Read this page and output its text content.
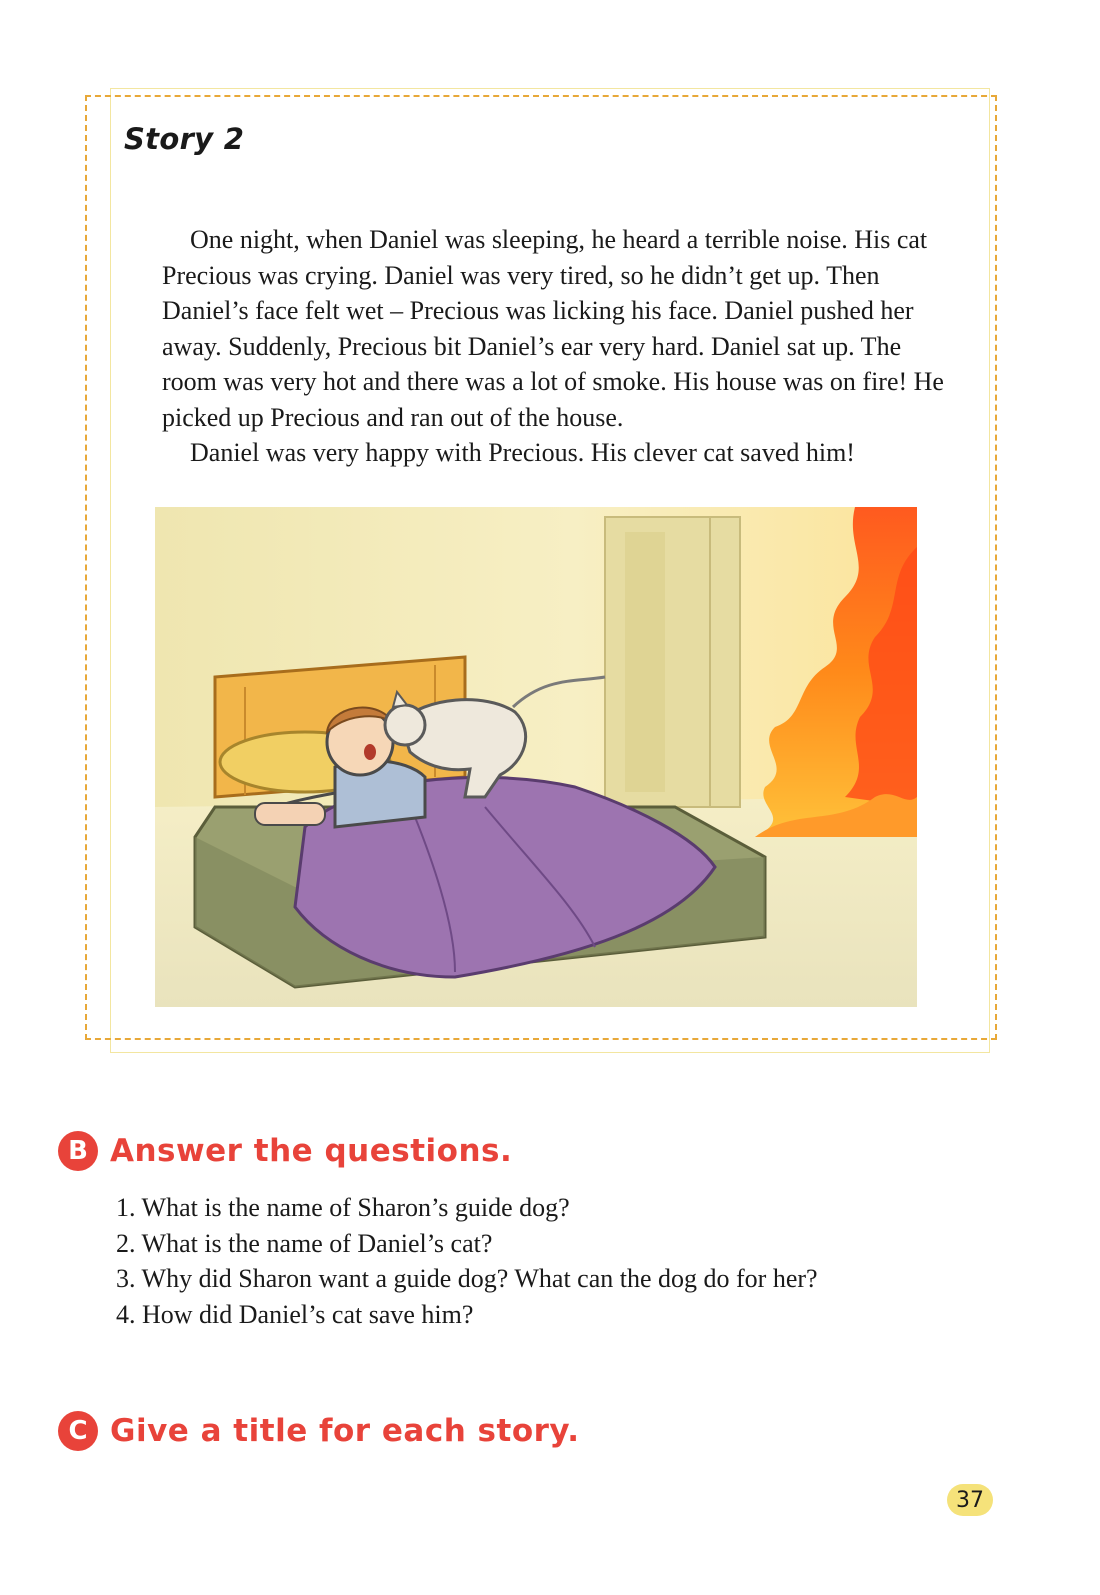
Story 2

One night, when Daniel was sleeping, he heard a terrible noise. His cat Precious was crying. Daniel was very tired, so he didn’t get up. Then Daniel’s face felt wet – Precious was licking his face. Daniel pushed her away. Suddenly, Precious bit Daniel’s ear very hard. Daniel sat up. The room was very hot and there was a lot of smoke. His house was on fire! He picked up Precious and ran out of the house.

Daniel was very happy with Precious. His clever cat saved him!

B Answer the questions.
1. What is the name of Sharon’s guide dog?
2. What is the name of Daniel’s cat?
3. Why did Sharon want a guide dog? What can the dog do for her?
4. How did Daniel’s cat save him?
C Give a title for each story.
37
